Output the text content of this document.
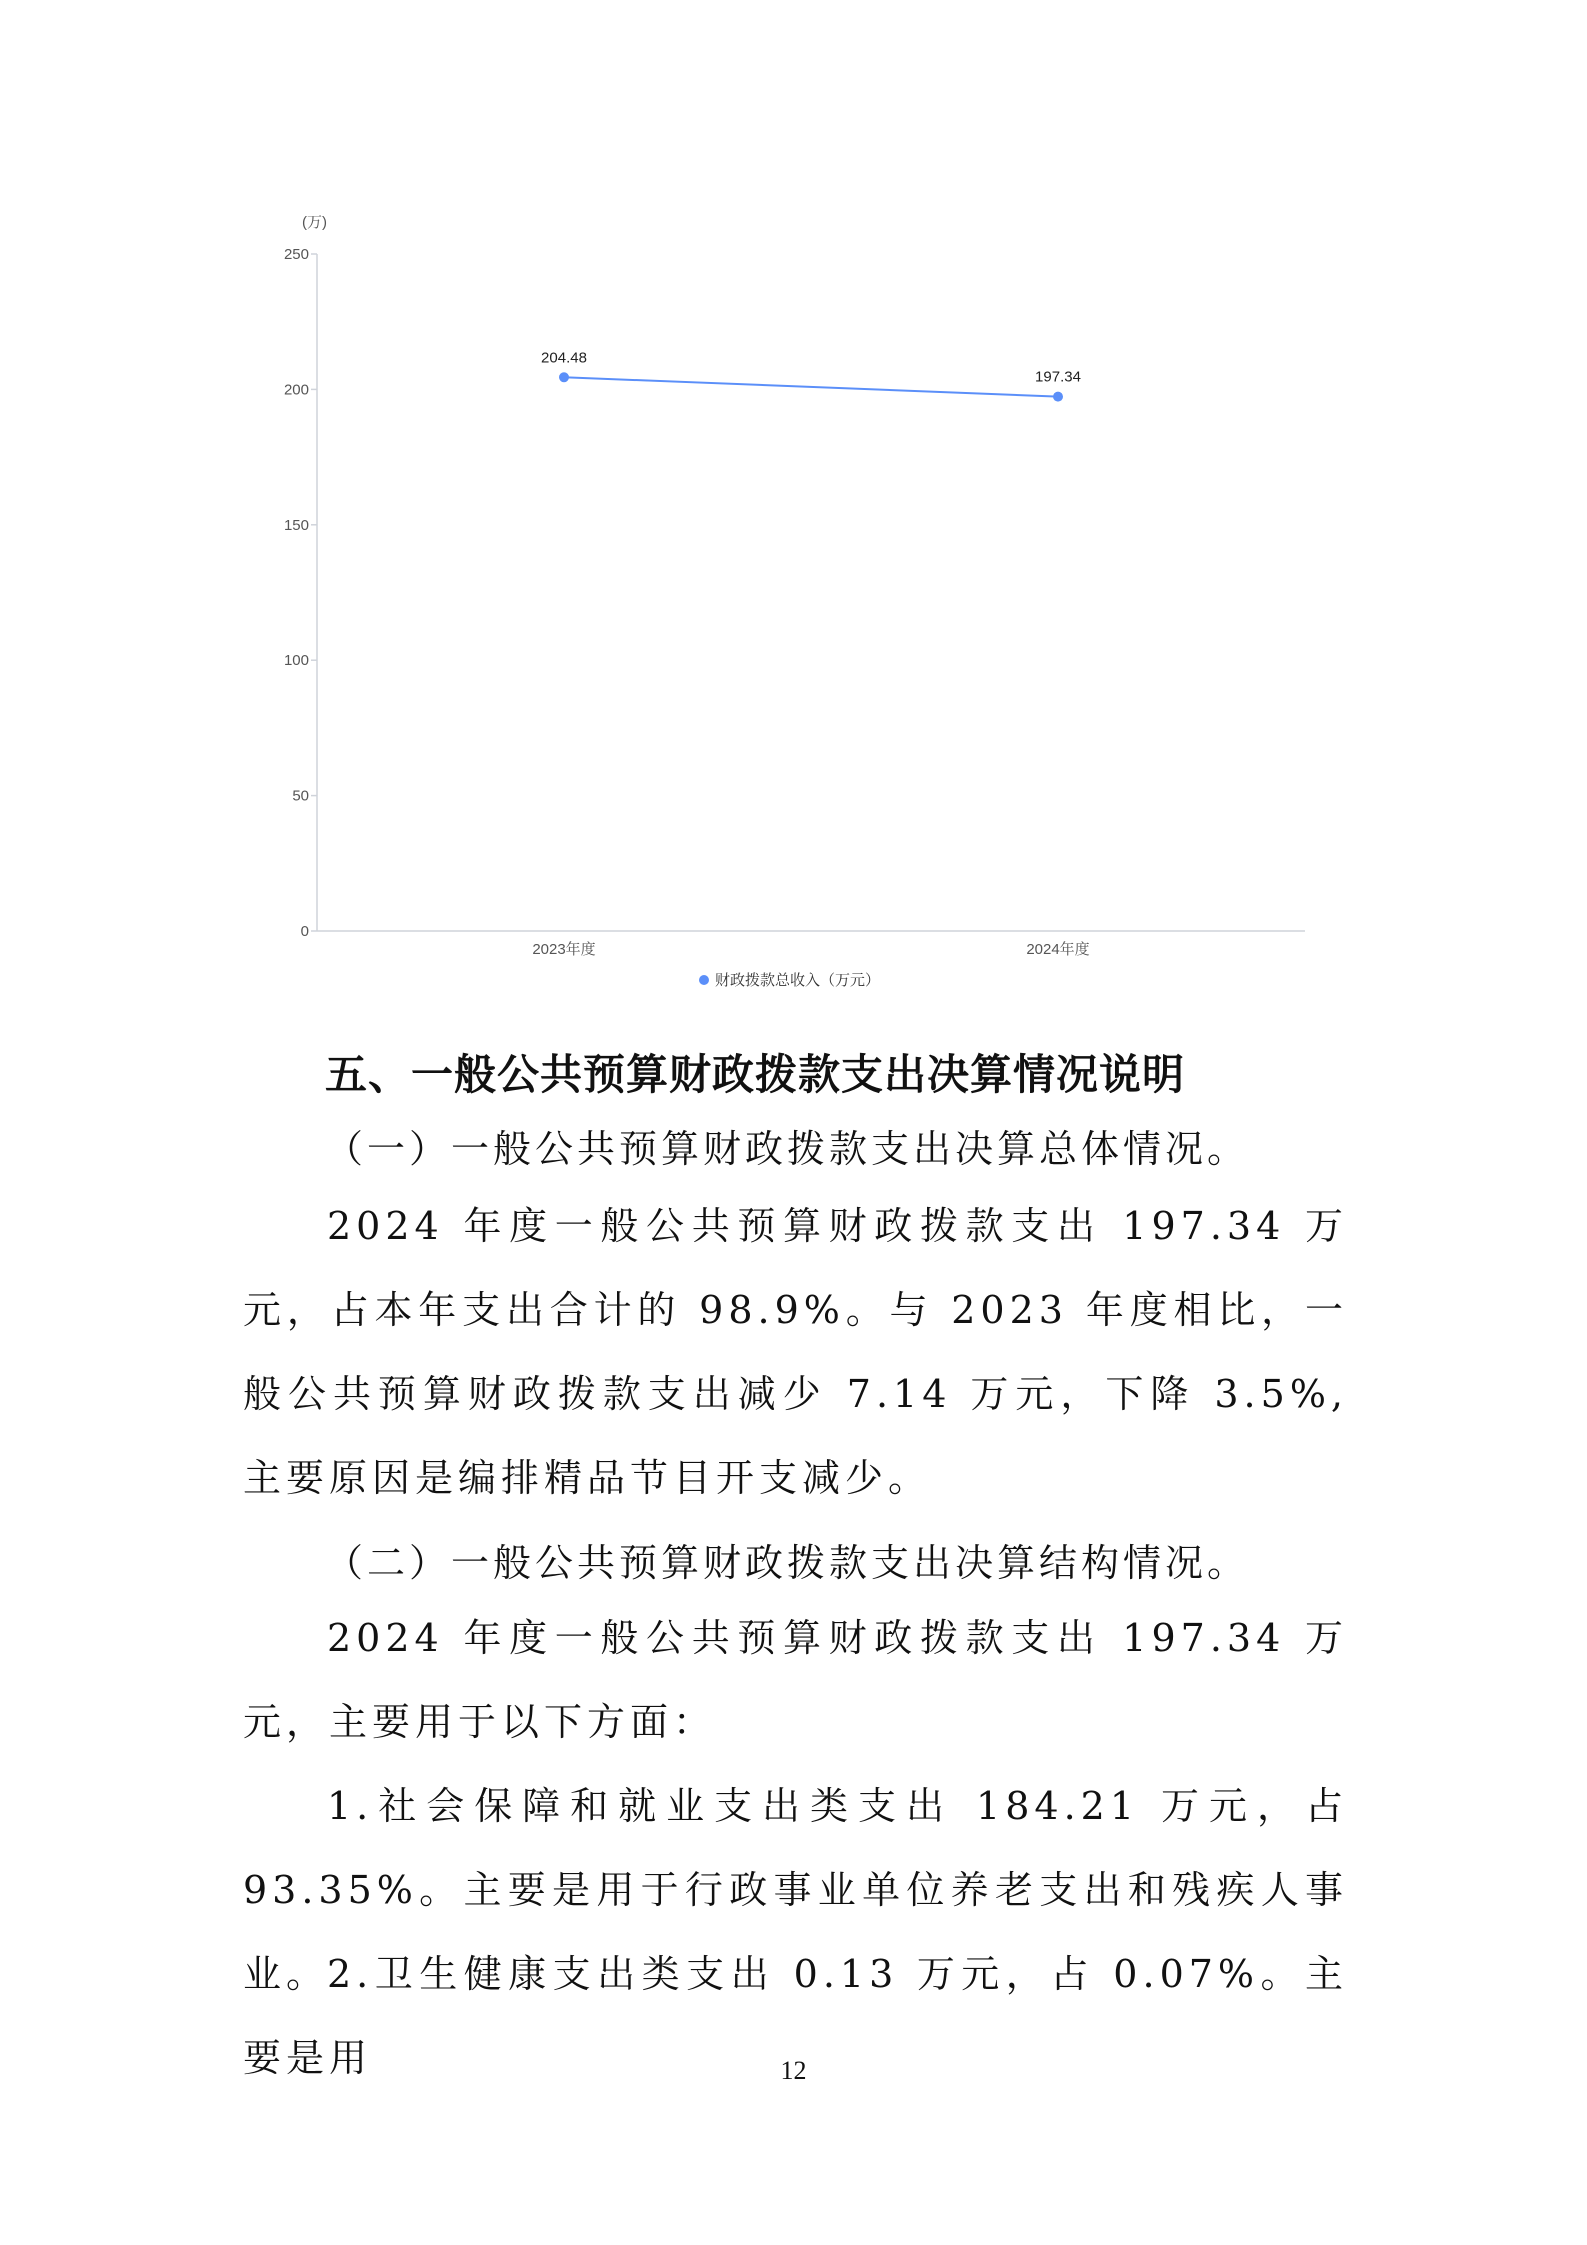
(万)
0
50
100
150
200
250
2023年度	2024年度
204.48
197.34
财政拨款总收入（万元）
五、一般公共预算财政拨款支出决算情况说明
（一）一般公共预算财政拨款支出决算总体情况。

2024 年度一般公共预算财政拨款支出 197.34 万元，占本年支出合计的 98.9%。与 2023 年度相比，一般公共预算财政拨款支出减少 7.14 万元，下降 3.5%,主要原因是编排精品节目开支减少。

（二）一般公共预算财政拨款支出决算结构情况。

2024 年度一般公共预算财政拨款支出 197.34 万元，主要用于以下方面：

1.社会保障和就业支出类支出 184.21 万元，占 93.35%。主要是用于行政事业单位养老支出和残疾人事业。

2.卫生健康支出类支出 0.13 万元，占 0.07%。主要是用	12
